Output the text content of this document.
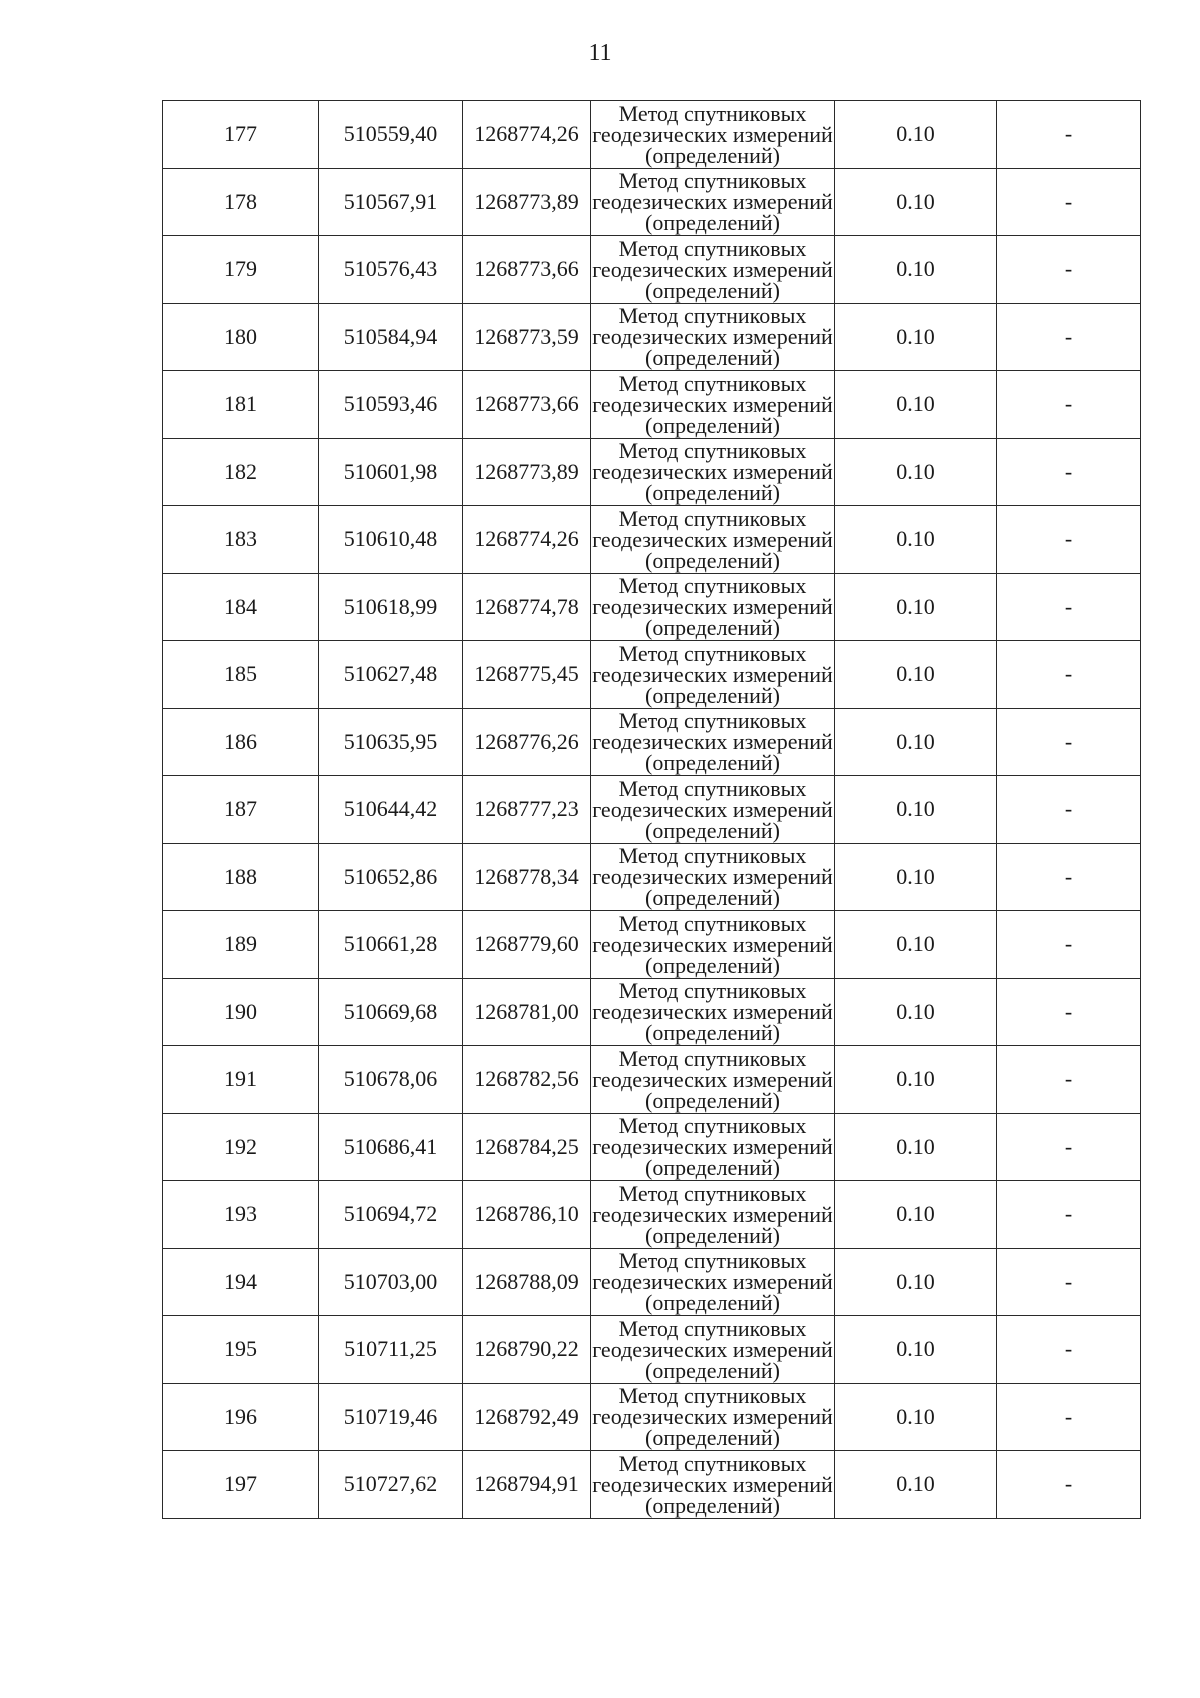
11
177	510559,40	1268774,26	Метод спутниковых
геодезических измерений
(определений)	0.10	-
178	510567,91	1268773,89	Метод спутниковых
геодезических измерений
(определений)	0.10	-
179	510576,43	1268773,66	Метод спутниковых
геодезических измерений
(определений)	0.10	-
180	510584,94	1268773,59	Метод спутниковых
геодезических измерений
(определений)	0.10	-
181	510593,46	1268773,66	Метод спутниковых
геодезических измерений
(определений)	0.10	-
182	510601,98	1268773,89	Метод спутниковых
геодезических измерений
(определений)	0.10	-
183	510610,48	1268774,26	Метод спутниковых
геодезических измерений
(определений)	0.10	-
184	510618,99	1268774,78	Метод спутниковых
геодезических измерений
(определений)	0.10	-
185	510627,48	1268775,45	Метод спутниковых
геодезических измерений
(определений)	0.10	-
186	510635,95	1268776,26	Метод спутниковых
геодезических измерений
(определений)	0.10	-
187	510644,42	1268777,23	Метод спутниковых
геодезических измерений
(определений)	0.10	-
188	510652,86	1268778,34	Метод спутниковых
геодезических измерений
(определений)	0.10	-
189	510661,28	1268779,60	Метод спутниковых
геодезических измерений
(определений)	0.10	-
190	510669,68	1268781,00	Метод спутниковых
геодезических измерений
(определений)	0.10	-
191	510678,06	1268782,56	Метод спутниковых
геодезических измерений
(определений)	0.10	-
192	510686,41	1268784,25	Метод спутниковых
геодезических измерений
(определений)	0.10	-
193	510694,72	1268786,10	Метод спутниковых
геодезических измерений
(определений)	0.10	-
194	510703,00	1268788,09	Метод спутниковых
геодезических измерений
(определений)	0.10	-
195	510711,25	1268790,22	Метод спутниковых
геодезических измерений
(определений)	0.10	-
196	510719,46	1268792,49	Метод спутниковых
геодезических измерений
(определений)	0.10	-
197	510727,62	1268794,91	Метод спутниковых
геодезических измерений
(определений)	0.10	-
